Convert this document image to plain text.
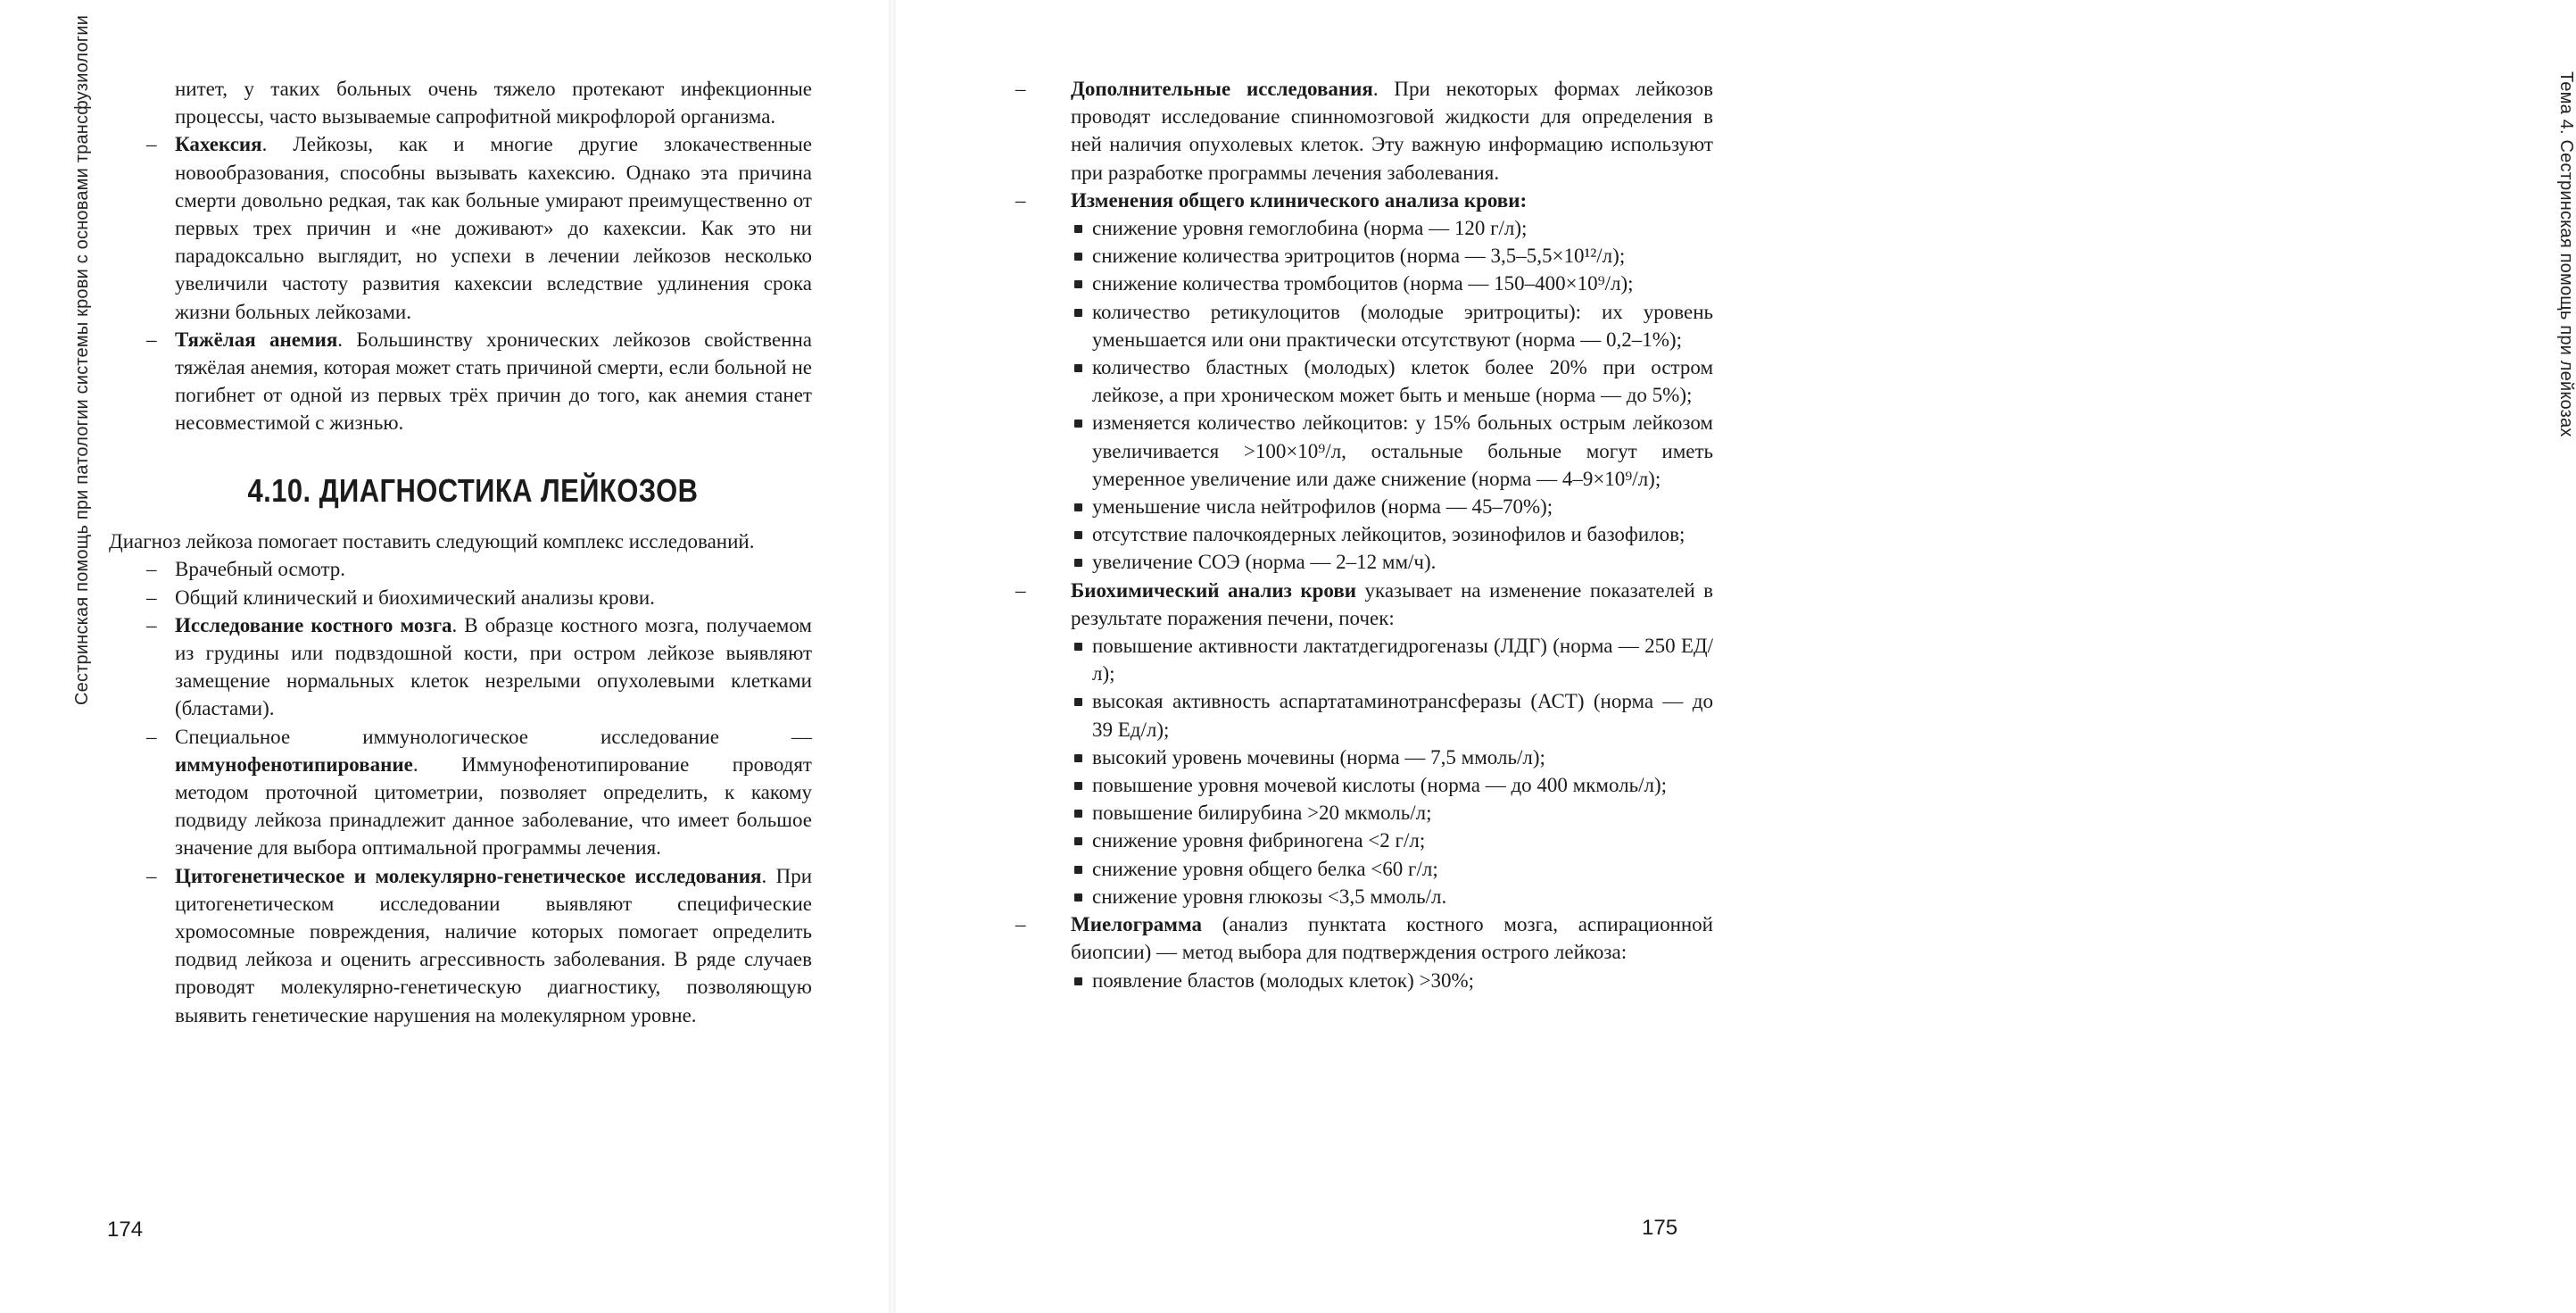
Сестринская помощь при патологии системы крови с основами трансфузиологии	нитет, у таких больных очень тяжело протекают инфекционные процессы, часто вызываемые сапрофитной микрофлорой организма.

– Кахексия. Лейкозы, как и многие другие злокачественные новообразования, способны вызывать кахексию. Однако эта причина смерти довольно редкая, так как больные умирают преимущественно от первых трех причин и «не доживают» до кахексии. Как это ни парадоксально выглядит, но успехи в лечении лейкозов несколько увеличили частоту развития кахексии вследствие удлинения срока жизни больных лейкозами.

– Тяжёлая анемия. Большинству хронических лейкозов свойственна тяжёлая анемия, которая может стать причиной смерти, если больной не погибнет от одной из первых трёх причин до того, как анемия станет несовместимой с жизнью.

4.10. ДИАГНОСТИКА ЛЕЙКОЗОВ

Диагноз лейкоза помогает поставить следующий комплекс исследований.

– Врачебный осмотр.

– Общий клинический и биохимический анализы крови.

– Исследование костного мозга. В образце костного мозга, получаемом из грудины или подвздошной кости, при остром лейкозе выявляют замещение нормальных клеток незрелыми опухолевыми клетками (бластами).

– Специальное иммунологическое исследование — иммунофенотипирование. Иммунофенотипирование проводят методом проточной цитометрии, позволяет определить, к какому подвиду лейкоза принадлежит данное заболевание, что имеет большое значение для выбора оптимальной программы лечения.

– Цитогенетическое и молекулярно-генетическое исследования. При цитогенетическом исследовании выявляют специфические хромосомные повреждения, наличие которых помогает определить подвид лейкоза и оценить агрессивность заболевания. В ряде случаев проводят молекулярно-генетическую диагностику, позволяющую выявить генетические нарушения на молекулярном уровне.

174
Тема 4. Сестринская помощь при лейкозах

– Дополнительные исследования. При некоторых формах лейкозов проводят исследование спинномозговой жидкости для определения в ней наличия опухолевых клеток. Эту важную информацию используют при разработке программы лечения заболевания.

– Изменения общего клинического анализа крови:

снижение уровня гемоглобина (норма — 120 г/л);

снижение количества эритроцитов (норма — 3,5–5,5×10¹²/л);

снижение количества тромбоцитов (норма — 150–400×10⁹/л);

количество ретикулоцитов (молодые эритроциты): их уровень уменьшается или они практически отсутствуют (норма — 0,2–1%);

количество бластных (молодых) клеток более 20% при остром лейкозе, а при хроническом может быть и меньше (норма — до 5%);

изменяется количество лейкоцитов: у 15% больных острым лейкозом увеличивается >100×10⁹/л, остальные больные могут иметь умеренное увеличение или даже снижение (норма — 4–9×10⁹/л);

уменьшение числа нейтрофилов (норма — 45–70%);

отсутствие палочкоядерных лейкоцитов, эозинофилов и базофилов;

увеличение СОЭ (норма — 2–12 мм/ч).

– Биохимический анализ крови указывает на изменение показателей в результате поражения печени, почек:

повышение активности лактатдегидрогеназы (ЛДГ) (норма — 250 ЕД/л);

высокая активность аспартатаминотрансферазы (АСТ) (норма — до 39 Ед/л);

высокий уровень мочевины (норма — 7,5 ммоль/л);

повышение уровня мочевой кислоты (норма — до 400 мкмоль/л);

повышение билирубина >20 мкмоль/л;

снижение уровня фибриногена <2 г/л;

снижение уровня общего белка <60 г/л;

снижение уровня глюкозы <3,5 ммоль/л.

– Миелограмма (анализ пунктата костного мозга, аспирационной биопсии) — метод выбора для подтверждения острого лейкоза:

появление бластов (молодых клеток) >30%;

175
